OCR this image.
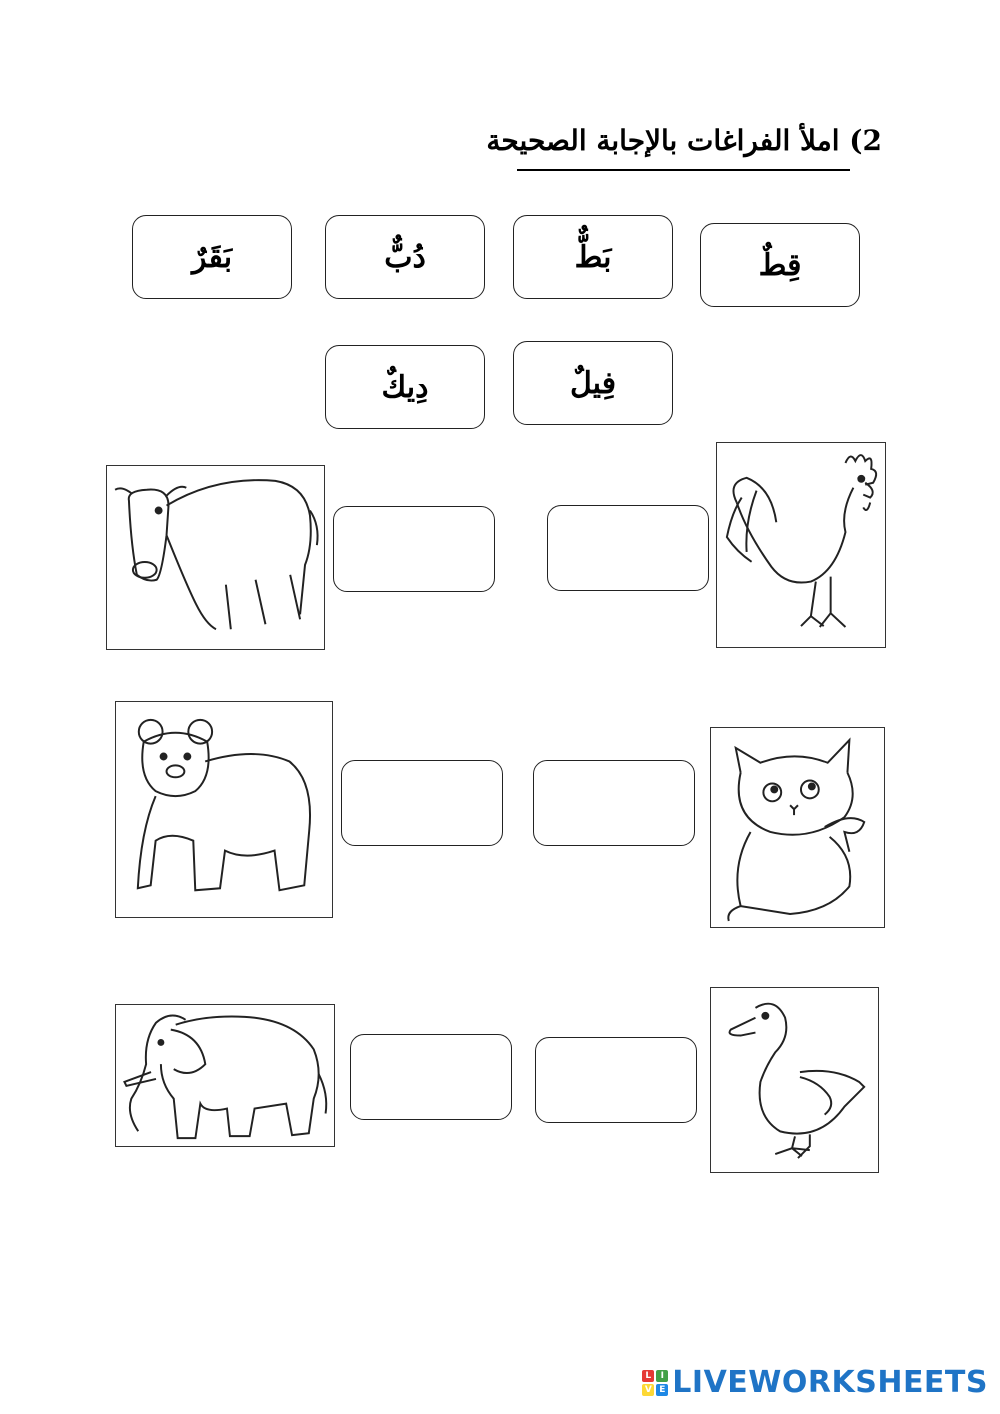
2) املأ الفراغات بالإجابة الصحيحة
قِطٌ
بَطٌّ
دُبٌّ
بَقَرٌ
فِيلٌ
دِيكٌ
L	I
V E LIVEWORKSHEETS
